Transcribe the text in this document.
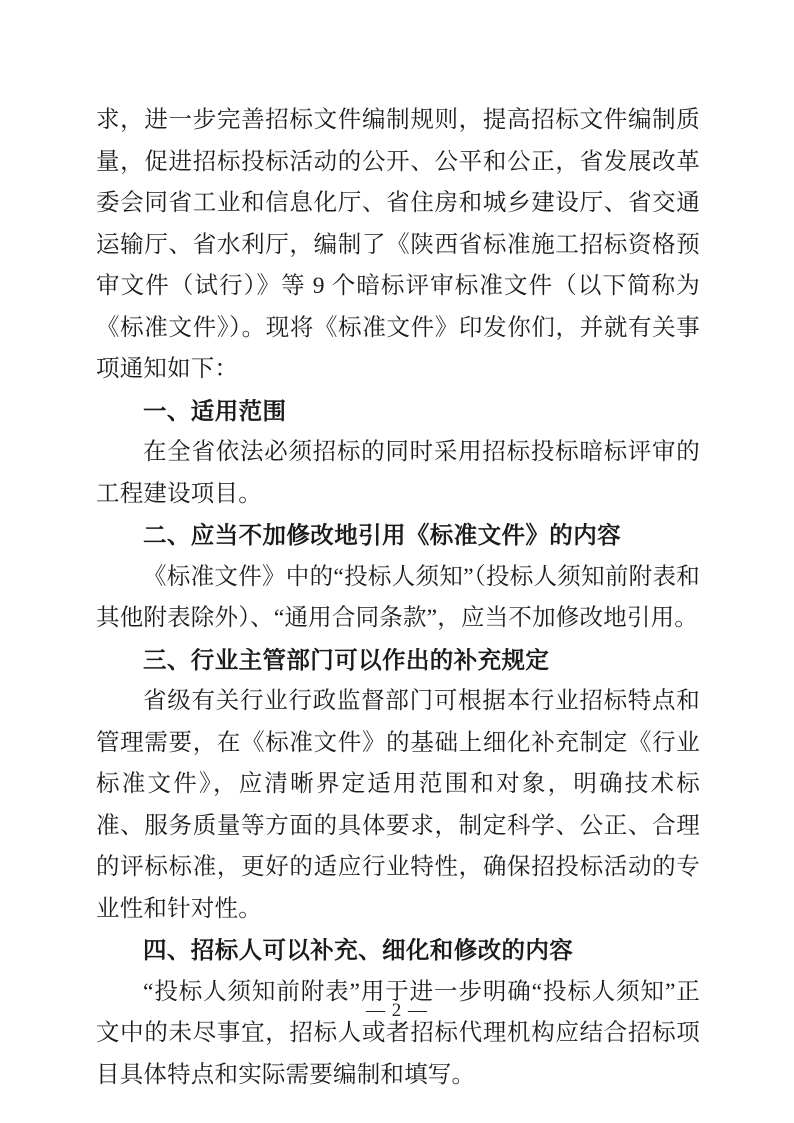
求，进一步完善招标文件编制规则，提高招标文件编制质量，促进招标投标活动的公开、公平和公正，省发展改革委会同省工业和信息化厅、省住房和城乡建设厅、省交通运输厅、省水利厅，编制了《陕西省标准施工招标资格预审文件（试行）》等 9 个暗标评审标准文件（以下简称为《标准文件》）。现将《标准文件》印发你们，并就有关事项通知如下：

一、适用范围

在全省依法必须招标的同时采用招标投标暗标评审的工程建设项目。

二、应当不加修改地引用《标准文件》的内容

《标准文件》中的“投标人须知”（投标人须知前附表和其他附表除外）、“通用合同条款”，应当不加修改地引用。

三、行业主管部门可以作出的补充规定

省级有关行业行政监督部门可根据本行业招标特点和管理需要，在《标准文件》的基础上细化补充制定《行业标准文件》，应清晰界定适用范围和对象，明确技术标准、服务质量等方面的具体要求，制定科学、公正、合理的评标标准，更好的适应行业特性，确保招投标活动的专业性和针对性。

四、招标人可以补充、细化和修改的内容

“投标人须知前附表”用于进一步明确“投标人须知”正文中的未尽事宜，招标人或者招标代理机构应结合招标项目具体特点和实际需要编制和填写。

— 2 —
